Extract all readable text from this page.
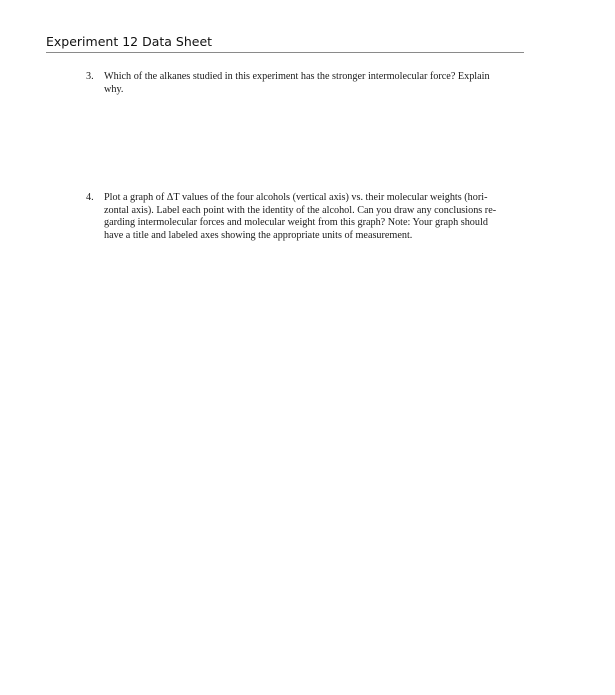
Experiment 12 Data Sheet
3.	Which of the alkanes studied in this experiment has the stronger intermolecular force? Explain
why.
4.	Plot a graph of ΔT values of the four alcohols (vertical axis) vs. their molecular weights (hori-
zontal axis). Label each point with the identity of the alcohol. Can you draw any conclusions re-
garding intermolecular forces and molecular weight from this graph? Note: Your graph should
have a title and labeled axes showing the appropriate units of measurement.
